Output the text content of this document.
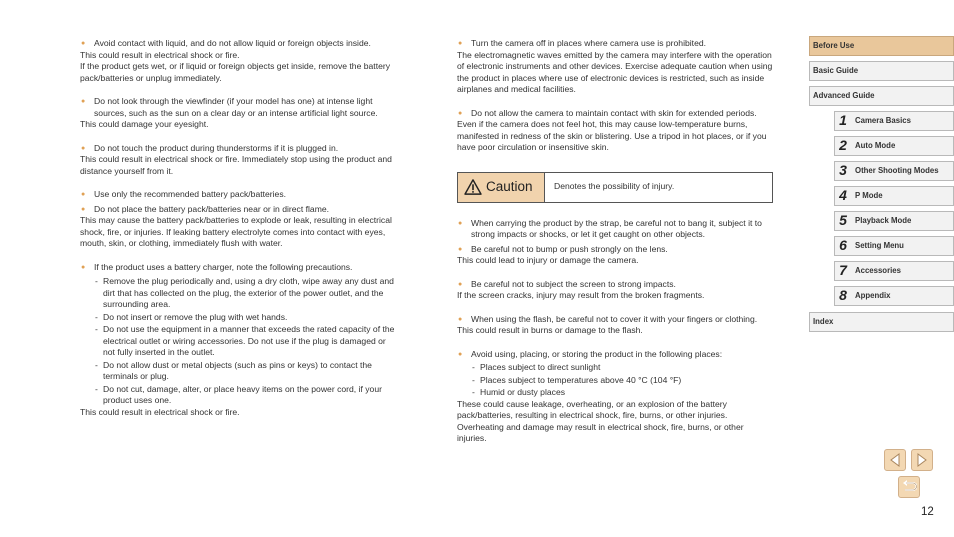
● Avoid contact with liquid, and do not allow liquid or foreign objects inside.
This could result in electrical shock or fire.
If the product gets wet, or if liquid or foreign objects get inside, remove the battery pack/batteries or unplug immediately.
● Do not look through the viewfinder (if your model has one) at intense light sources, such as the sun on a clear day or an intense artificial light source.
This could damage your eyesight.
● Do not touch the product during thunderstorms if it is plugged in.
This could result in electrical shock or fire. Immediately stop using the product and distance yourself from it.
● Use only the recommended battery pack/batteries.
● Do not place the battery pack/batteries near or in direct flame.
This may cause the battery pack/batteries to explode or leak, resulting in electrical shock, fire, or injuries. If leaking battery electrolyte comes into contact with eyes, mouth, skin, or clothing, immediately flush with water.
● If the product uses a battery charger, note the following precautions.
- Remove the plug periodically and, using a dry cloth, wipe away any dust and dirt that has collected on the plug, the exterior of the power outlet, and the surrounding area.
- Do not insert or remove the plug with wet hands.
- Do not use the equipment in a manner that exceeds the rated capacity of the electrical outlet or wiring accessories. Do not use if the plug is damaged or not fully inserted in the outlet.
- Do not allow dust or metal objects (such as pins or keys) to contact the terminals or plug.
- Do not cut, damage, alter, or place heavy items on the power cord, if your product uses one.
This could result in electrical shock or fire.
● Turn the camera off in places where camera use is prohibited.
The electromagnetic waves emitted by the camera may interfere with the operation of electronic instruments and other devices. Exercise adequate caution when using the product in places where use of electronic devices is restricted, such as inside airplanes and medical facilities.
● Do not allow the camera to maintain contact with skin for extended periods.
Even if the camera does not feel hot, this may cause low-temperature burns, manifested in redness of the skin or blistering. Use a tripod in hot places, or if you have poor circulation or insensitive skin.
Caution	Denotes the possibility of injury.
● When carrying the product by the strap, be careful not to bang it, subject it to strong impacts or shocks, or let it get caught on other objects.
● Be careful not to bump or push strongly on the lens.
This could lead to injury or damage the camera.
● Be careful not to subject the screen to strong impacts.
If the screen cracks, injury may result from the broken fragments.
● When using the flash, be careful not to cover it with your fingers or clothing.
This could result in burns or damage to the flash.
● Avoid using, placing, or storing the product in the following places:
- Places subject to direct sunlight
- Places subject to temperatures above 40 °C (104 °F)
- Humid or dusty places
These could cause leakage, overheating, or an explosion of the battery pack/batteries, resulting in electrical shock, fire, burns, or other injuries. Overheating and damage may result in electrical shock, fire, burns, or other injuries.
Before Use
Basic Guide
Advanced Guide
1	Camera Basics
2	Auto Mode
3	Other Shooting Modes
4	P Mode
5	Playback Mode
6	Setting Menu
7	Accessories
8	Appendix
Index
12
